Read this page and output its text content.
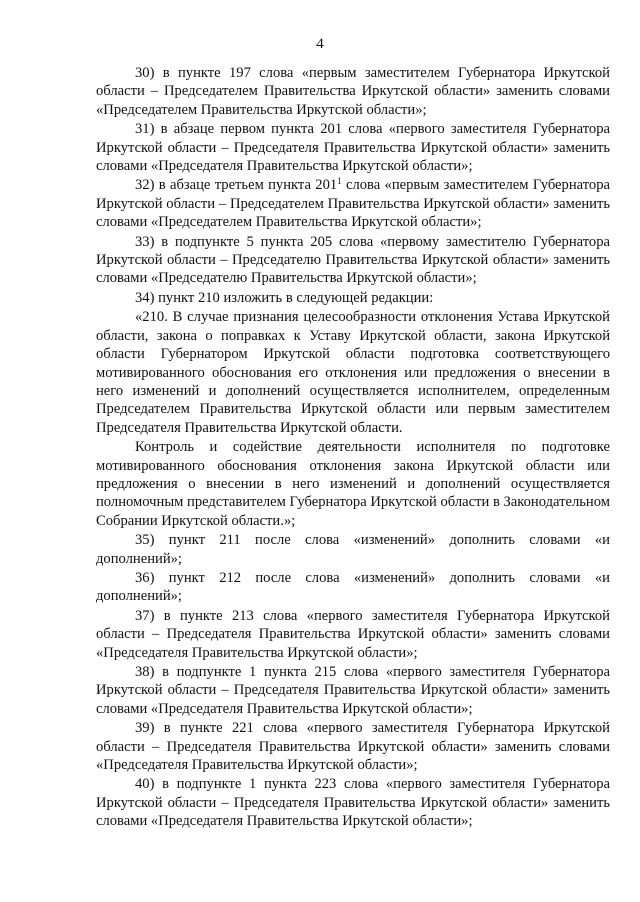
4

30) в пункте 197 слова «первым заместителем Губернатора Иркутской области – Председателем Правительства Иркутской области» заменить словами «Председателем Правительства Иркутской области»;

31) в абзаце первом пункта 201 слова «первого заместителя Губернатора Иркутской области – Председателя Правительства Иркутской области» заменить словами «Председателя Правительства Иркутской области»;

32) в абзаце третьем пункта $201^1$ слова «первым заместителем Губернатора Иркутской области – Председателем Правительства Иркутской области» заменить словами «Председателем Правительства Иркутской области»;

33) в подпункте 5 пункта 205 слова «первому заместителю Губернатора Иркутской области – Председателю Правительства Иркутской области» заменить словами «Председателю Правительства Иркутской области»;

34) пункт 210 изложить в следующей редакции:

«210. В случае признания целесообразности отклонения Устава Иркутской области, закона о поправках к Уставу Иркутской области, закона Иркутской области Губернатором Иркутской области подготовка соответствующего мотивированного обоснования его отклонения или предложения о внесении в него изменений и дополнений осуществляется исполнителем, определенным Председателем Правительства Иркутской области или первым заместителем Председателя Правительства Иркутской области.

Контроль и содействие деятельности исполнителя по подготовке мотивированного обоснования отклонения закона Иркутской области или предложения о внесении в него изменений и дополнений осуществляется полномочным представителем Губернатора Иркутской области в Законодательном Собрании Иркутской области.»;

35) пункт 211 после слова «изменений» дополнить словами «и дополнений»;

36) пункт 212 после слова «изменений» дополнить словами «и дополнений»;

37) в пункте 213 слова «первого заместителя Губернатора Иркутской области – Председателя Правительства Иркутской области» заменить словами «Председателя Правительства Иркутской области»;

38) в подпункте 1 пункта 215 слова «первого заместителя Губернатора Иркутской области – Председателя Правительства Иркутской области» заменить словами «Председателя Правительства Иркутской области»;

39) в пункте 221 слова «первого заместителя Губернатора Иркутской области – Председателя Правительства Иркутской области» заменить словами «Председателя Правительства Иркутской области»;

40) в подпункте 1 пункта 223 слова «первого заместителя Губернатора Иркутской области – Председателя Правительства Иркутской области» заменить словами «Председателя Правительства Иркутской области»;
